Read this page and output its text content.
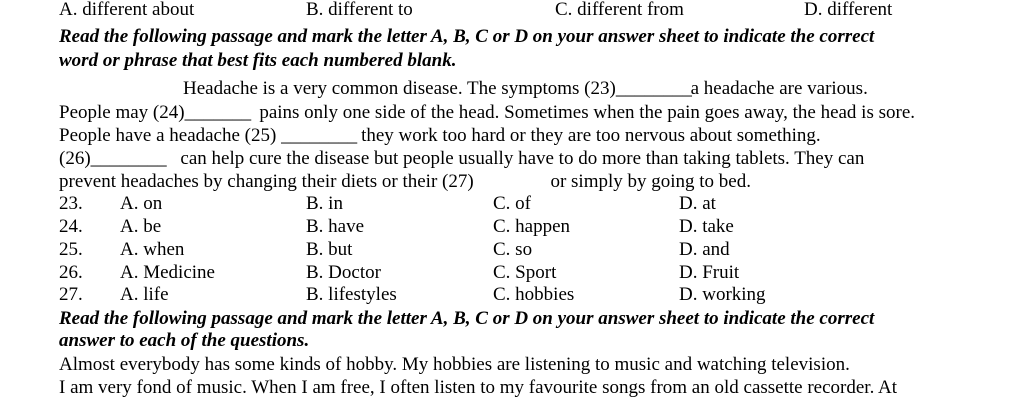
A. different about	B. different to	C. different from	D. different
Read the following passage and mark the letter A, B, C or D on your answer sheet to indicate the correct
word or phrase that best fits each numbered blank.
Headache is a very common disease. The symptoms (23)________ a headache are various.
People may (24)_______ pains only one side of the head. Sometimes when the pain goes away, the head is sore.
People have a headache (25) ________ they work too hard or they are too nervous about something.
(26)________ can help cure the disease but people usually have to do more than taking tablets. They can
prevent headaches by changing their diets or their (27)	or simply by going to bed.
23. A. on	B. in	C. of	D. at
24. A. be	B. have	C. happen	D. take
25. A. when	B. but	C. so	D. and
26. A. Medicine	B. Doctor	C. Sport	D. Fruit
27. A. life	B. lifestyles	C. hobbies	D. working
Read the following passage and mark the letter A, B, C or D on your answer sheet to indicate the correct
answer to each of the questions.
Almost everybody has some kinds of hobby. My hobbies are listening to music and watching television.
I am very fond of music. When I am free, I often listen to my favourite songs from an old cassette recorder. At
